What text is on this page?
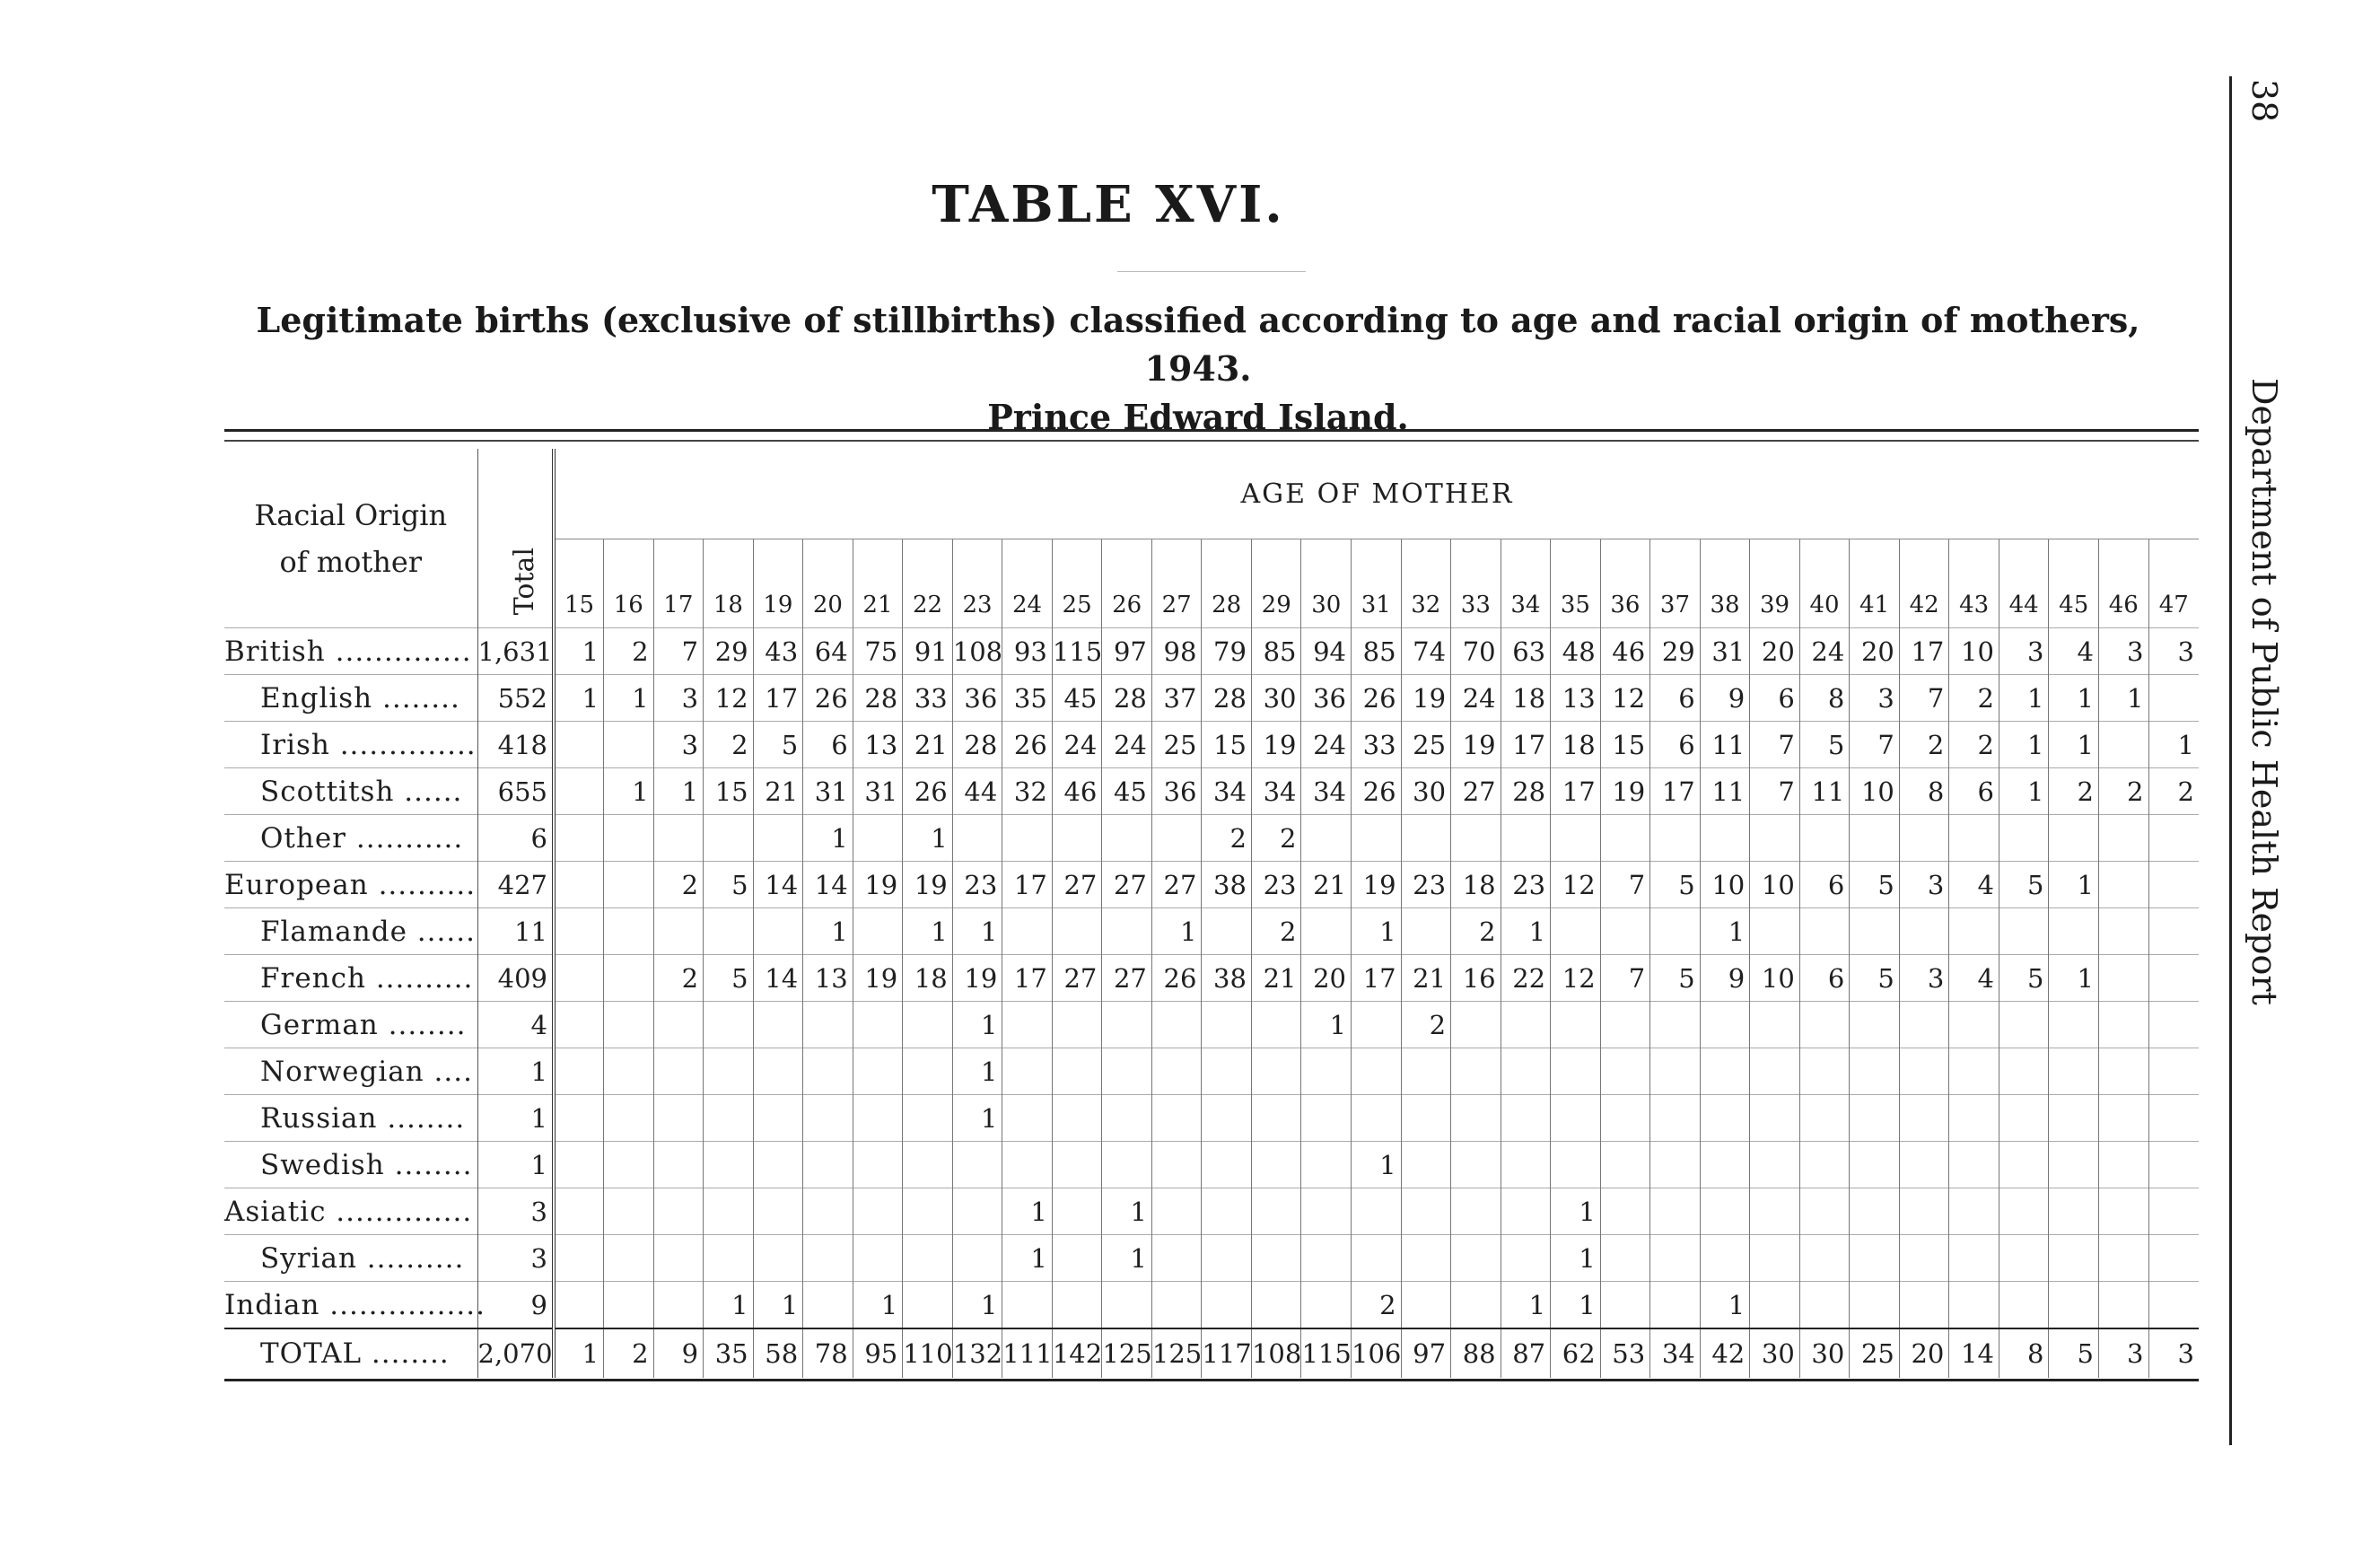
38
Department of Public Health Report
TABLE XVI.
Legitimate births (exclusive of stillbirths) classified according to age and racial origin of mothers, 1943.
Prince Edward Island.
Racial Origin
of mother	Total	AGE OF MOTHER																																
		15	16	17	18	19	20	21	22	23	24	25	26	27	28	29	30	31	32	33	34	35	36	37	38	39	40	41	42	43	44	45	46	47
British ..............	1,631	1	2	7	29	43	64	75	91	108	93	115	97	98	79	85	94	85	74	70	63	48	46	29	31	20	24	20	17	10	3	4	3	3
English ........	552	1	1	3	12	17	26	28	33	36	35	45	28	37	28	30	36	26	19	24	18	13	12	6	9	6	8	3	7	2	1	1	1	
Irish ..............	418			3	2	5	6	13	21	28	26	24	24	25	15	19	24	33	25	19	17	18	15	6	11	7	5	7	2	2	1	1		1
Scottitsh ......	655		1	1	15	21	31	31	26	44	32	46	45	36	34	34	34	26	30	27	28	17	19	17	11	7	11	10	8	6	1	2	2	2
Other ...........	6						1		1						2	2																		
European ..........	427			2	5	14	14	19	19	23	17	27	27	27	38	23	21	19	23	18	23	12	7	5	10	10	6	5	3	4	5	1		
Flamande ......	11						1		1	1				1		2		1		2	1				1									
French ..........	409			2	5	14	13	19	18	19	17	27	27	26	38	21	20	17	21	16	22	12	7	5	9	10	6	5	3	4	5	1		
German ........	4									1							1		2															
Norwegian ....	1									1																								
Russian ........	1									1																								
Swedish ........	1																	1																
Asiatic ..............	3										1		1									1												
Syrian ..........	3										1		1									1												
Indian ................	9				1	1		1		1								2			1	1			1									
TOTAL ........	2,070	1	2	9	35	58	78	95	110	132	111	142	125	125	117	108	115	106	97	88	87	62	53	34	42	30	30	25	20	14	8	5	3	3
